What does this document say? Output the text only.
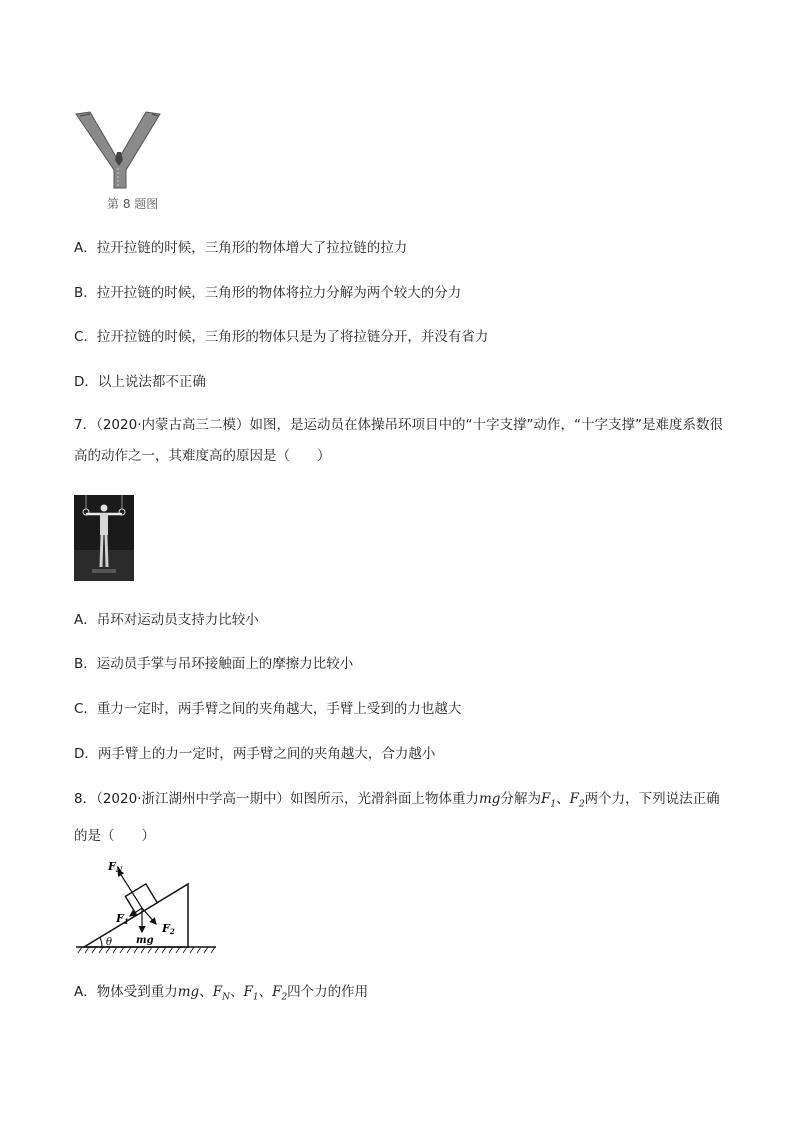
第 8 题图
A．拉开拉链的时候，三角形的物体增大了拉拉链的拉力
B．拉开拉链的时候，三角形的物体将拉力分解为两个较大的分力
C．拉开拉链的时候，三角形的物体只是为了将拉链分开，并没有省力
D．以上说法都不正确
7．（2020·内蒙古高三二模）如图，是运动员在体操吊环项目中的“十字支撑”动作，“十字支撑”是难度系数很高的动作之一，其难度高的原因是（　　）
A．吊环对运动员支持力比较小
B．运动员手掌与吊环接触面上的摩擦力比较小
C．重力一定时，两手臂之间的夹角越大，手臂上受到的力也越大
D．两手臂上的力一定时，两手臂之间的夹角越大，合力越小
8．（2020·浙江湖州中学高一期中）如图所示，光滑斜面上物体重力mg分解为$F_1$、$F_2$两个力，下列说法正确的是（　　）
FN
F1
F2
mg
θ
A．物体受到重力mg、$F_N$、$F_1$、$F_2$四个力的作用
